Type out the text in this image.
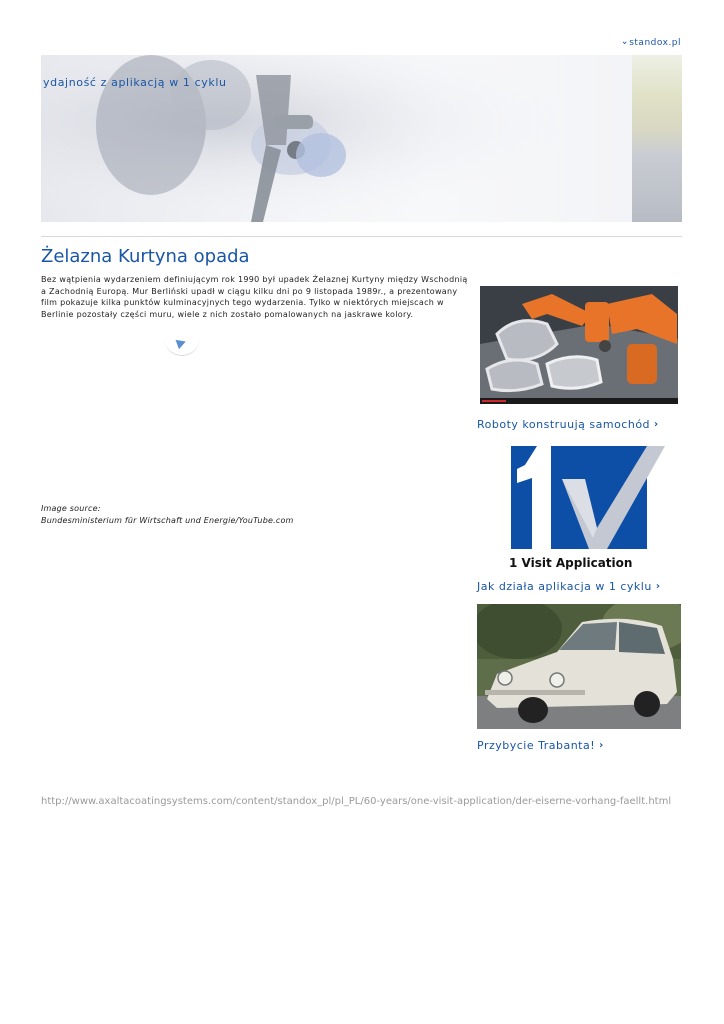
› standox.pl
ydajność z aplikacją w 1 cyklu
Żelazna Kurtyna opada

Bez wątpienia wydarzeniem definiującym rok 1990 był upadek Żelaznej Kurtyny między Wschodnią a Zachodnią Europą. Mur Berliński upadł w ciągu kilku dni po 9 listopada 1989r., a prezentowany film pokazuje kilka punktów kulminacyjnych tego wydarzenia. Tylko w niektórych miejscach w Berlinie pozostały części muru, wiele z nich zostało pomalowanych na jaskrawe kolory.

Image source:
Bundesministerium für Wirtschaft und Energie/YouTube.com
Roboty konstruują samochód ›
1 Visit Application
Jak działa aplikacja w 1 cyklu ›
Przybycie Trabanta! ›
http://www.axaltacoatingsystems.com/content/standox_pl/pl_PL/60-years/one-visit-application/der-eiserne-vorhang-faellt.html
